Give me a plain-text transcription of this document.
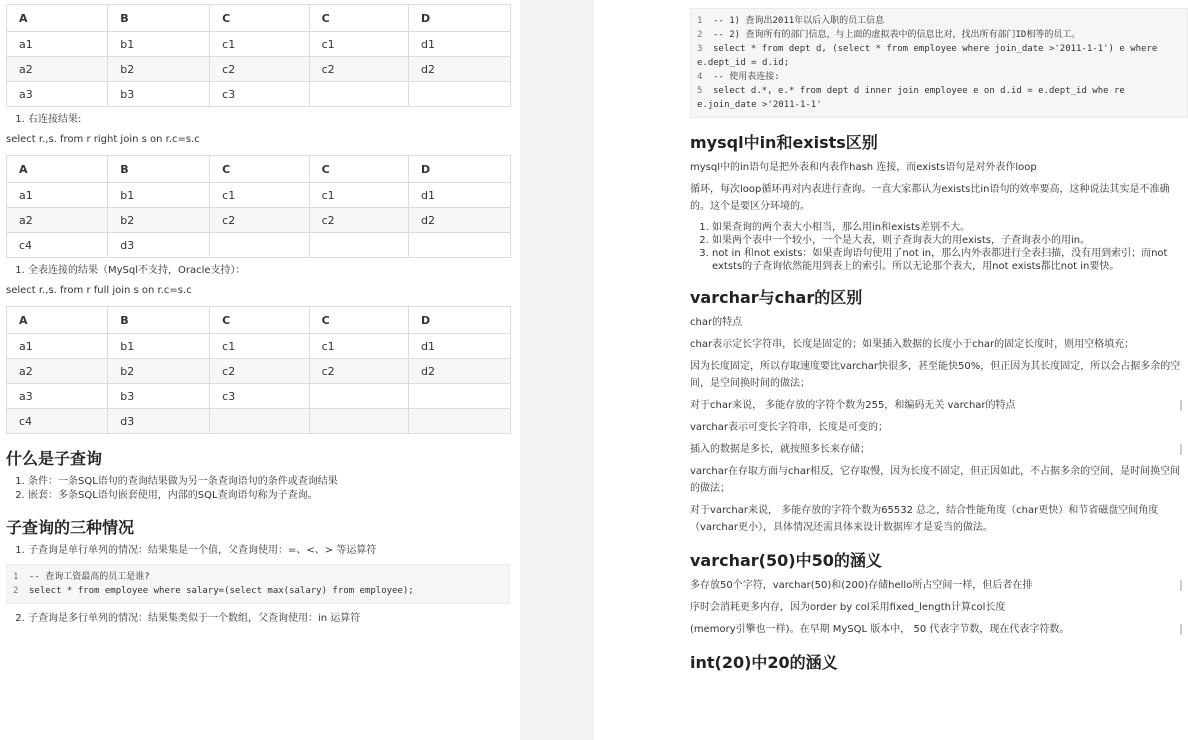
A	B	C	C	D
a1	b1	c1	c1	d1
a2	b2	c2	c2	d2
a3	b3	c3		
1. 右连接结果:
select r.,s. from r right join s on r.c=s.c
A	B	C	C	D
a1	b1	c1	c1	d1
a2	b2	c2	c2	d2
c4	d3			
1. 全表连接的结果（MySql不支持，Oracle支持）：
select r.,s. from r full join s on r.c=s.c
A	B	C	C	D
a1	b1	c1	c1	d1
a2	b2	c2	c2	d2
a3	b3	c3		
c4	d3			
什么是子查询
1. 条件：一条SQL语句的查询结果做为另一条查询语句的条件或查询结果
2. 嵌套：多条SQL语句嵌套使用，内部的SQL查询语句称为子查询。
子查询的三种情况
1. 子查询是单行单列的情况：结果集是一个值，父查询使用：=、<、> 等运算符
1 -- 查询工资最高的员工是谁?
2 select * from employee where salary=(select max(salary) from employee);
2. 子查询是多行单列的情况：结果集类似于一个数组，父查询使用：in 运算符
1 -- 1) 查询出2011年以后入职的员工信息
2 -- 2) 查询所有的部门信息，与上面的虚拟表中的信息比对，找出所有部门ID相等的员工。
3 select * from dept d, (select * from employee where join_date >'2011-1-1') e where e.dept_id = d.id;
4 -- 使用表连接:
5 select d.*, e.* from dept d inner join employee e on d.id = e.dept_id whe re e.join_date >'2011-1-1'
mysql中in和exists区别
mysql中的in语句是把外表和内表作hash 连接，而exists语句是对外表作loop
循环，每次loop循环再对内表进行查询。一直大家都认为exists比in语句的效率要高，这种说法其实是不准确的。这个是要区分环境的。
1. 如果查询的两个表大小相当，那么用in和exists差别不大。
2. 如果两个表中一个较小，一个是大表，则子查询表大的用exists，子查询表小的用in。
3. not in 和not exists：如果查询语句使用了not in，那么内外表都进行全表扫描，没有用到索引；而not extsts的子查询依然能用到表上的索引。所以无论那个表大，用not exists都比not in要快。
varchar与char的区别
char的特点
char表示定长字符串，长度是固定的；如果插入数据的长度小于char的固定长度时，则用空格填充；
因为长度固定，所以存取速度要比varchar快很多，甚至能快50%，但正因为其长度固定，所以会占据多余的空间，是空间换时间的做法；
对于char来说， 多能存放的字符个数为255，和编码无关 varchar的特点
varchar表示可变长字符串，长度是可变的；
插入的数据是多长，就按照多长来存储；
varchar在存取方面与char相反，它存取慢，因为长度不固定，但正因如此，不占据多余的空间，是时间换空间的做法；
对于varchar来说， 多能存放的字符个数为65532 总之，结合性能角度（char更快）和节省磁盘空间角度（varchar更小），具体情况还需具体来设计数据库才是妥当的做法。
varchar(50)中50的涵义
多存放50个字符，varchar(50)和(200)存储hello所占空间一样，但后者在排
序时会消耗更多内存，因为order by col采用fixed_length计算col长度
(memory引擎也一样)。在早期 MySQL 版本中， 50 代表字节数，现在代表字符数。
int(20)中20的涵义
